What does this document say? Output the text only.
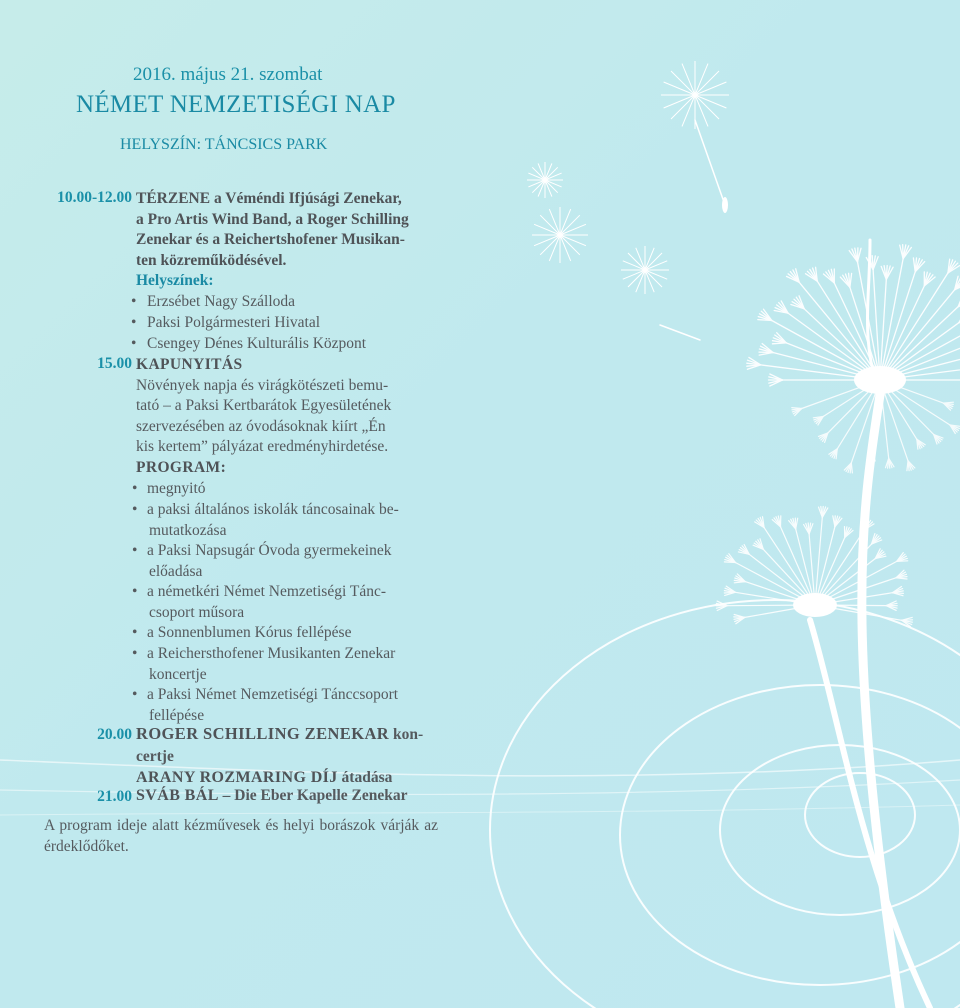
2016. május 21. szombat
NÉMET NEMZETISÉGI NAP
HELYSZÍN: TÁNCSICS PARK
10.00-12.00 TÉRZENE a Véméndi Ifjúsági Zenekar,
a Pro Artis Wind Band, a Roger Schilling
Zenekar és a Reichertshofener Musikan-
ten közreműködésével.
Helyszínek:
• Erzsébet Nagy Szálloda
• Paksi Polgármesteri Hivatal
• Csengey Dénes Kulturális Központ
15.00 KAPUNYITÁS
Növények napja és virágkötészeti bemu-
tató – a Paksi Kertbarátok Egyesületének
szervezésében az óvodásoknak kiírt „Én
kis kertem” pályázat eredményhirdetése.
PROGRAM:
• megnyitó
• a paksi általános iskolák táncosainak be-
mutatkozása
• a Paksi Napsugár Óvoda gyermekeinek
előadása
• a németkéri Német Nemzetiségi Tánc-
csoport műsora
• a Sonnenblumen Kórus fellépése
• a Reichersthofener Musikanten Zenekar
koncertje
• a Paksi Német Nemzetiségi Tánccsoport
fellépése
20.00 ROGER SCHILLING ZENEKAR kon-
certje
ARANY ROZMARING DÍJ átadása
21.00 SVÁB BÁL – Die Eber Kapelle Zenekar
A program ideje alatt kézművesek és helyi borászok várják az érdeklődőket.
